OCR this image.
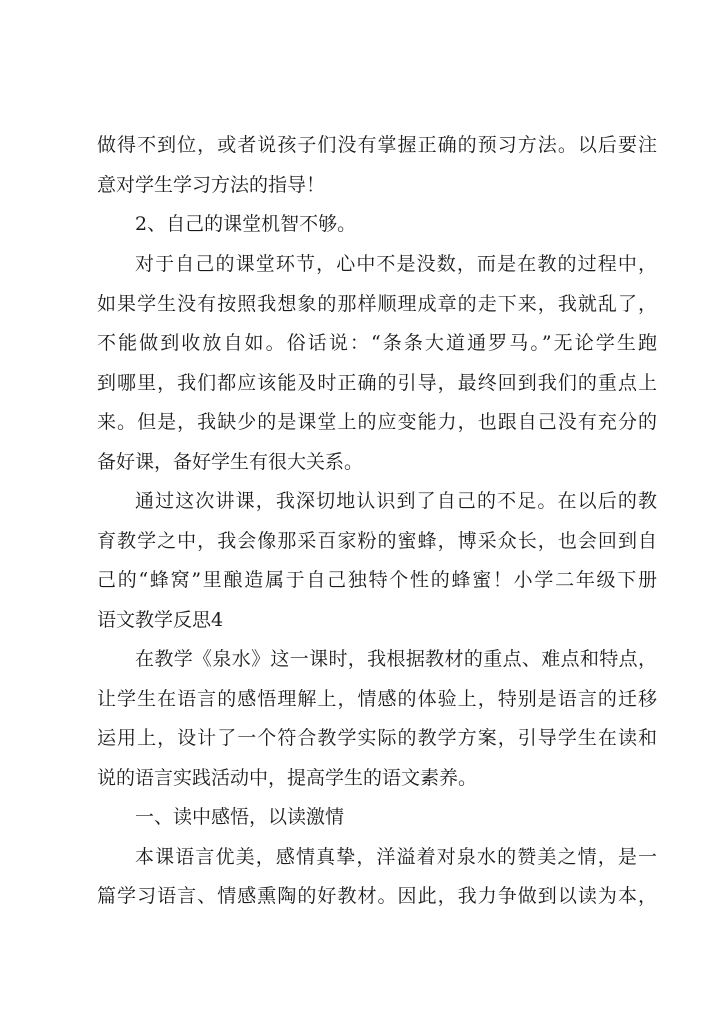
做得不到位，或者说孩子们没有掌握正确的预习方法。以后要注
意对学生学习方法的指导！
2、自己的课堂机智不够。
对于自己的课堂环节，心中不是没数，而是在教的过程中，
如果学生没有按照我想象的那样顺理成章的走下来，我就乱了，
不能做到收放自如。俗话说：“条条大道通罗马。”无论学生跑
到哪里，我们都应该能及时正确的引导，最终回到我们的重点上
来。但是，我缺少的是课堂上的应变能力，也跟自己没有充分的
备好课，备好学生有很大关系。
通过这次讲课，我深切地认识到了自己的不足。在以后的教
育教学之中，我会像那采百家粉的蜜蜂，博采众长，也会回到自
己的“蜂窝”里酿造属于自己独特个性的蜂蜜！小学二年级下册
语文教学反思4
在教学《泉水》这一课时，我根据教材的重点、难点和特点，
让学生在语言的感悟理解上，情感的体验上，特别是语言的迁移
运用上，设计了一个符合教学实际的教学方案，引导学生在读和
说的语言实践活动中，提高学生的语文素养。
一、读中感悟，以读激情
本课语言优美，感情真挚，洋溢着对泉水的赞美之情，是一
篇学习语言、情感熏陶的好教材。因此，我力争做到以读为本，
